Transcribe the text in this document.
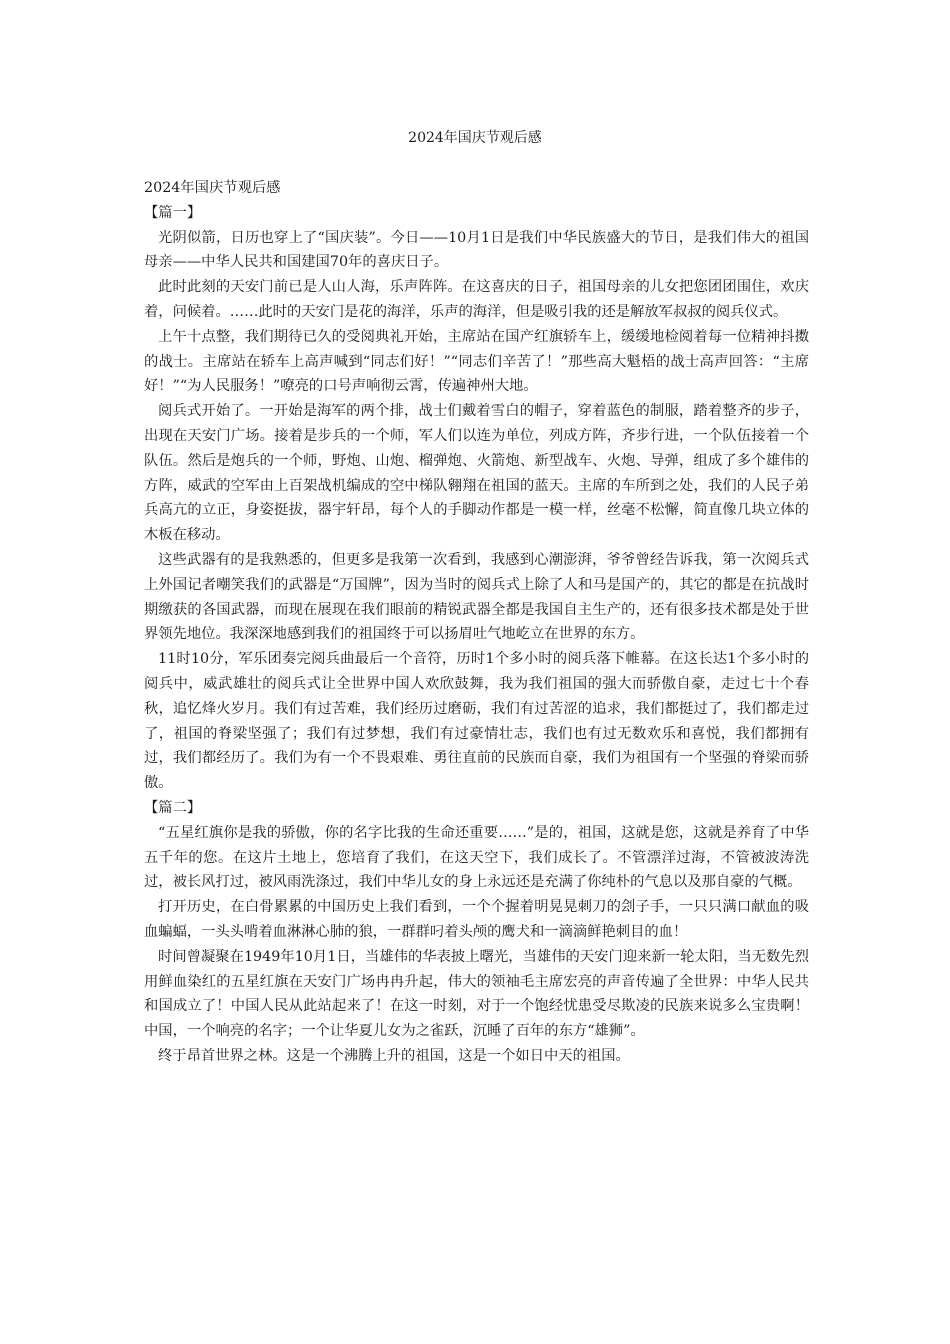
2024年国庆节观后感

2024年国庆节观后感

【篇一】

光阴似箭，日历也穿上了“国庆装”。今日——10月1日是我们中华民族盛大的节日，是我们伟大的祖国母亲——中华人民共和国建国70年的喜庆日子。

此时此刻的天安门前已是人山人海，乐声阵阵。在这喜庆的日子，祖国母亲的儿女把您团团围住，欢庆着，问候着。……此时的天安门是花的海洋，乐声的海洋，但是吸引我的还是解放军叔叔的阅兵仪式。

上午十点整，我们期待已久的受阅典礼开始，主席站在国产红旗轿车上，缓缓地检阅着每一位精神抖擞的战士。主席站在轿车上高声喊到“同志们好！”“同志们辛苦了！”那些高大魁梧的战士高声回答：“主席好！”“为人民服务！”嘹亮的口号声响彻云霄，传遍神州大地。

阅兵式开始了。一开始是海军的两个排，战士们戴着雪白的帽子，穿着蓝色的制服，踏着整齐的步子，出现在天安门广场。接着是步兵的一个师，军人们以连为单位，列成方阵，齐步行进，一个队伍接着一个队伍。然后是炮兵的一个师，野炮、山炮、榴弹炮、火箭炮、新型战车、火炮、导弹，组成了多个雄伟的方阵，威武的空军由上百架战机编成的空中梯队翱翔在祖国的蓝天。主席的车所到之处，我们的人民子弟兵高亢的立正，身姿挺拔，器宇轩昂，每个人的手脚动作都是一模一样，丝毫不松懈，简直像几块立体的木板在移动。

这些武器有的是我熟悉的，但更多是我第一次看到，我感到心潮澎湃，爷爷曾经告诉我，第一次阅兵式上外国记者嘲笑我们的武器是“万国牌”，因为当时的阅兵式上除了人和马是国产的，其它的都是在抗战时期缴获的各国武器，而现在展现在我们眼前的精锐武器全都是我国自主生产的，还有很多技术都是处于世界领先地位。我深深地感到我们的祖国终于可以扬眉吐气地屹立在世界的东方。

11时10分，军乐团奏完阅兵曲最后一个音符，历时1个多小时的阅兵落下帷幕。在这长达1个多小时的阅兵中，威武雄壮的阅兵式让全世界中国人欢欣鼓舞，我为我们祖国的强大而骄傲自豪，走过七十个春秋，追忆烽火岁月。我们有过苦难，我们经历过磨砺，我们有过苦涩的追求，我们都挺过了，我们都走过了，祖国的脊梁坚强了；我们有过梦想，我们有过豪情壮志，我们也有过无数欢乐和喜悦，我们都拥有过，我们都经历了。我们为有一个不畏艰难、勇往直前的民族而自豪，我们为祖国有一个坚强的脊梁而骄傲。

【篇二】

“五星红旗你是我的骄傲，你的名字比我的生命还重要……”是的，祖国，这就是您，这就是养育了中华五千年的您。在这片土地上，您培育了我们，在这天空下，我们成长了。不管漂洋过海，不管被波涛洗过，被长风打过，被风雨洗涤过，我们中华儿女的身上永远还是充满了你纯朴的气息以及那自豪的气概。

打开历史，在白骨累累的中国历史上我们看到，一个个握着明晃晃刺刀的刽子手，一只只满口献血的吸血蝙蝠，一头头啃着血淋淋心肺的狼，一群群叼着头颅的鹰犬和一滴滴鲜艳刺目的血！

时间曾凝聚在1949年10月1日，当雄伟的华表披上曙光，当雄伟的天安门迎来新一轮太阳，当无数先烈用鲜血染红的五星红旗在天安门广场冉冉升起，伟大的领袖毛主席宏亮的声音传遍了全世界：中华人民共和国成立了！中国人民从此站起来了！在这一时刻，对于一个饱经忧患受尽欺凌的民族来说多么宝贵啊！中国，一个响亮的名字；一个让华夏儿女为之雀跃，沉睡了百年的东方“雄狮”。

终于昂首世界之林。这是一个沸腾上升的祖国，这是一个如日中天的祖国。
